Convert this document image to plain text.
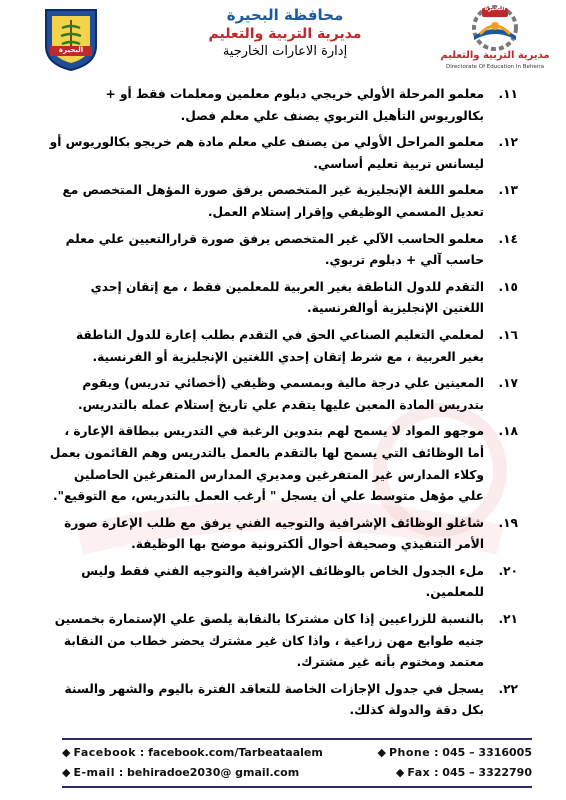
محافظة البحيرة
مديرية التربية والتعليم
إدارة الاعارات الخارجية
البحيرة
مديرية التربية والتعليم
Directorate Of Education In Beheira
البحيرة
١١.
معلمو المرحلة الأولي خريجي دبلوم معلمين ومعلمات فقط أو + بكالوريوس التأهيل التربوي يصنف علي معلم فصل.
١٢.
معلمو المراحل الأولي من يصنف علي معلم مادة هم خريجو بكالوريوس أو ليسانس تربية تعليم أساسي.
١٣.
معلمو اللغة الإنجليزية غير المتخصص يرفق صورة المؤهل المتخصص مع تعديل المسمي الوظيفي وإقرار إستلام العمل.
١٤.
معلمو الحاسب الآلي غير المتخصص يرفق صورة قرارالتعيين علي معلم حاسب آلي + دبلوم تربوي.
١٥.
التقدم للدول الناطقة بغير العربية للمعلمين فقط ، مع إتقان إحدي اللغتين الإنجليزية أوالفرنسية.
١٦.
لمعلمي التعليم الصناعي الحق في التقدم بطلب إعارة للدول الناطقة بغير العربية ، مع شرط إتقان إحدي اللغتين الإنجليزية أو الفرنسية.
١٧.
المعينين علي درجة مالية وبمسمي وظيفي (أخصائي تدريس) ويقوم بتدريس المادة المعين عليها يتقدم علي تاريخ إستلام عمله بالتدريس.
١٨.
موجهو المواد لا يسمح لهم بتدوين الرغبة في التدريس ببطاقة الإعارة ، أما الوظائف التي يسمح لها بالتقدم بالعمل بالتدريس وهم القائمون بعمل وكلاء المدارس غير المتفرغين ومديري المدارس المتفرغين الحاصلين علي مؤهل متوسط علي أن يسجل " أرغب العمل بالتدريس، مع التوقيع".
١٩.
شاغلو الوظائف الإشرافية والتوجيه الفني يرفق مع طلب الإعارة صورة الأمر التنفيذي وصحيفة أحوال ألكترونية موضح بها الوظيفة.
٢٠.
ملء الجدول الخاص بالوظائف الإشرافية والتوجيه الفني فقط وليس للمعلمين.
٢١.
بالنسبة للزراعيين إذا كان مشتركا بالنقابة يلصق علي الإستمارة بخمسين جنيه طوابع مهن زراعية ، واذا كان غير مشترك يحضر خطاب من النقابة معتمد ومختوم بأنه غير مشترك.
٢٢.
يسجل في جدول الإجازات الخاصة للتعاقد الفترة باليوم والشهر والسنة بكل دقة والدولة كذلك.
◆ Facebook : facebook.com/Tarbeataalem	◆ Phone : 045 – 3316005
◆ E-mail : behiradoe2030@ gmail.com	◆ Fax : 045 – 3322790
